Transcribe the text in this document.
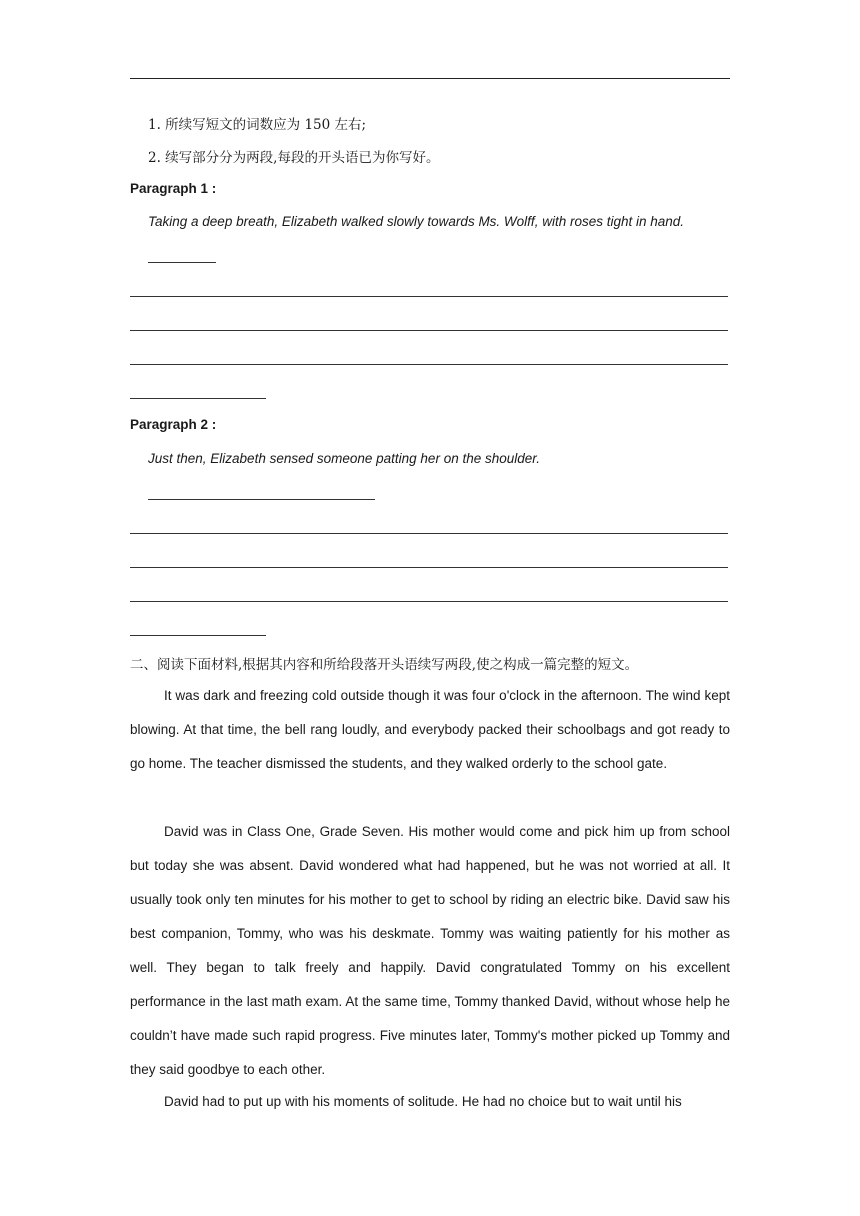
1. 所续写短文的词数应为 150 左右;
2. 续写部分分为两段,每段的开头语已为你写好。
Paragraph 1 :
Taking a deep breath, Elizabeth walked slowly towards Ms. Wolff, with roses tight in hand.
Paragraph 2 :
Just then, Elizabeth sensed someone patting her on the shoulder.
二、阅读下面材料,根据其内容和所给段落开头语续写两段,使之构成一篇完整的短文。
It was dark and freezing cold outside though it was four o'clock in the afternoon. The wind kept blowing. At that time, the bell rang loudly, and everybody packed their schoolbags and got ready to go home. The teacher dismissed the students, and they walked orderly to the school gate.
David was in Class One, Grade Seven. His mother would come and pick him up from school but today she was absent. David wondered what had happened, but he was not worried at all. It usually took only ten minutes for his mother to get to school by riding an electric bike. David saw his best companion, Tommy, who was his deskmate. Tommy was waiting patiently for his mother as well. They began to talk freely and happily. David congratulated Tommy on his excellent performance in the last math exam. At the same time, Tommy thanked David, without whose help he couldn’t have made such rapid progress. Five minutes later, Tommy's mother picked up Tommy and they said goodbye to each other.
David had to put up with his moments of solitude. He had no choice but to wait until his
